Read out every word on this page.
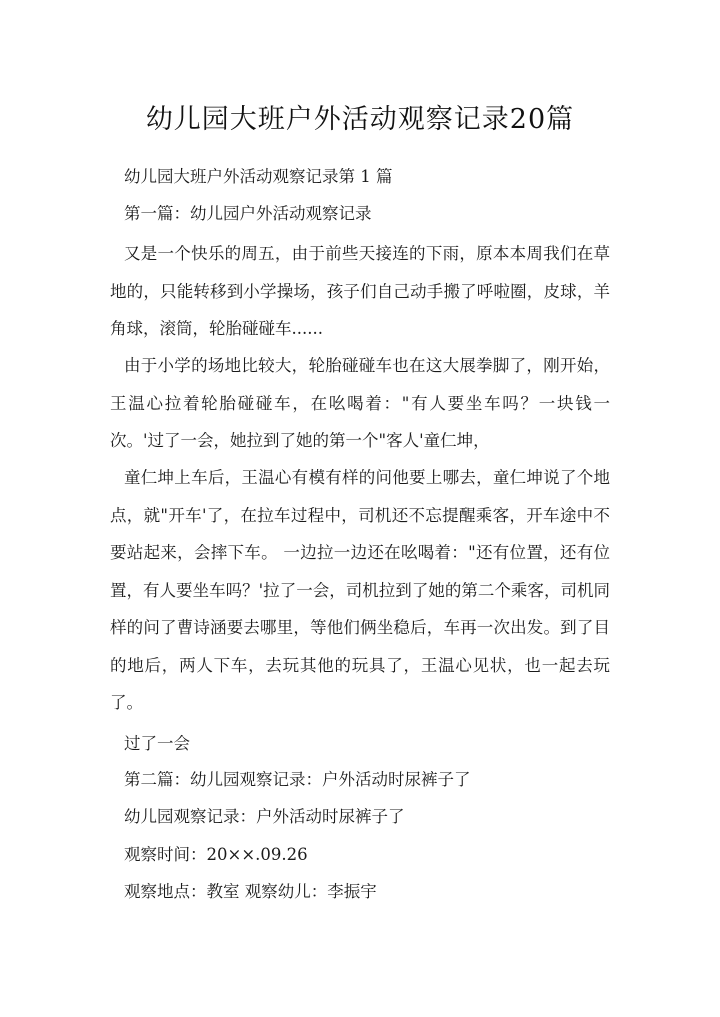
幼儿园大班户外活动观察记录20篇
幼儿园大班户外活动观察记录第 1 篇
第一篇：幼儿园户外活动观察记录
又是一个快乐的周五，由于前些天接连的下雨，原本本周我们在草地的，只能转移到小学操场，孩子们自己动手搬了呼啦圈，皮球，羊角球，滚筒，轮胎碰碰车......
由于小学的场地比较大，轮胎碰碰车也在这大展拳脚了，刚开始，王温心拉着轮胎碰碰车，在吆喝着："有人要坐车吗？一块钱一次。'过了一会，她拉到了她的第一个"客人'童仁坤，
童仁坤上车后，王温心有模有样的问他要上哪去，童仁坤说了个地点，就"开车'了，在拉车过程中，司机还不忘提醒乘客，开车途中不要站起来，会摔下车。 一边拉一边还在吆喝着："还有位置，还有位置，有人要坐车吗？'拉了一会，司机拉到了她的第二个乘客，司机同样的问了曹诗涵要去哪里，等他们俩坐稳后，车再一次出发。到了目的地后，两人下车，去玩其他的玩具了，王温心见状，也一起去玩了。
过了一会
第二篇：幼儿园观察记录：户外活动时尿裤子了
幼儿园观察记录：户外活动时尿裤子了
观察时间：20××.09.26
观察地点：教室 观察幼儿：李振宇
